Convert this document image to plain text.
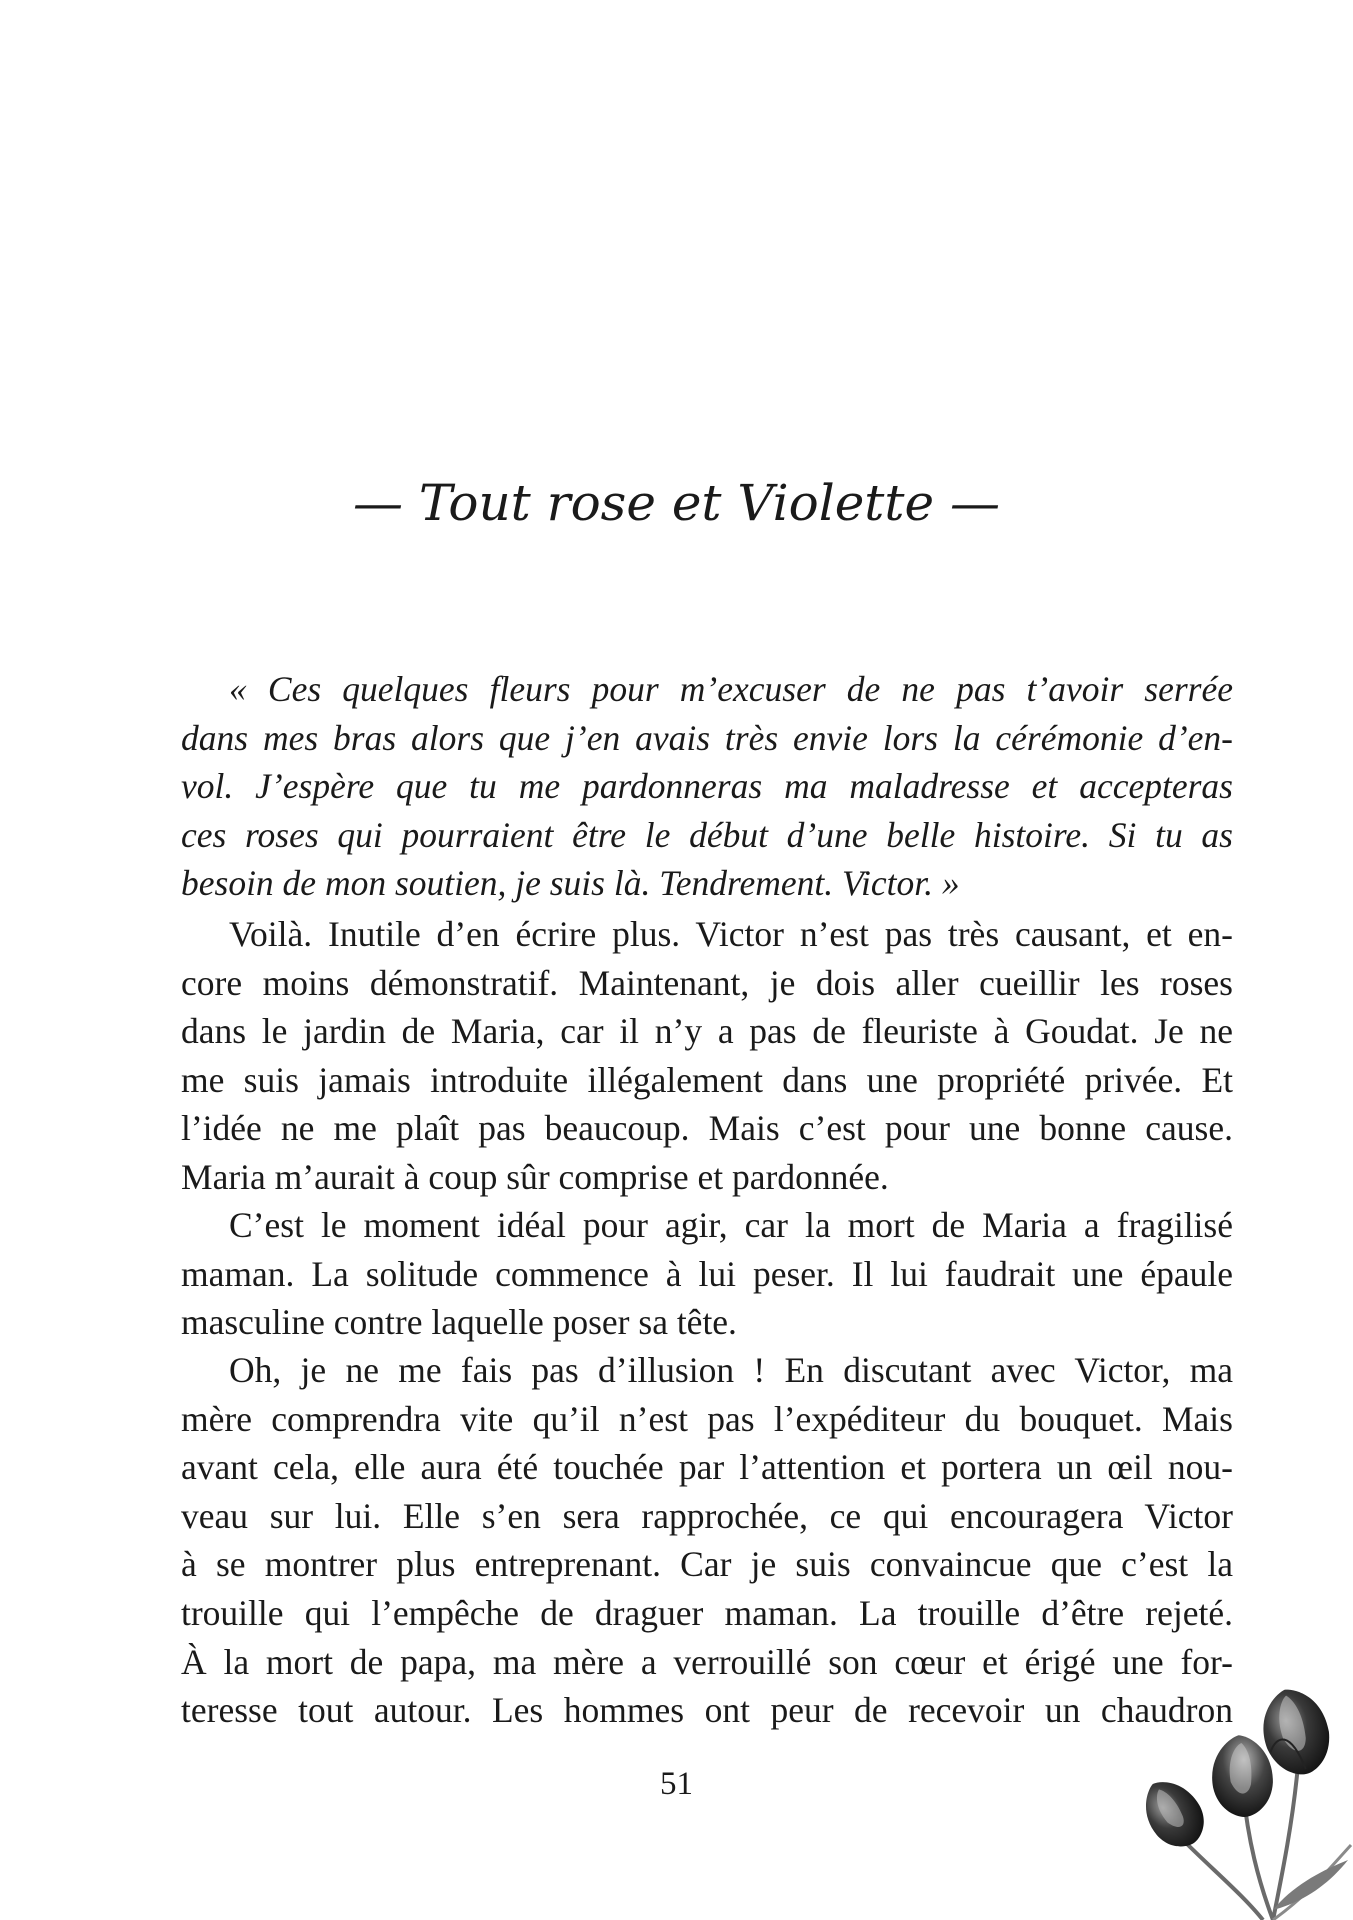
— Tout rose et Violette —
« Ces quelques fleurs pour m’excuser de ne pas t’avoir serrée
dans mes bras alors que j’en avais très envie lors la cérémonie d’en-
vol. J’espère que tu me pardonneras ma maladresse et accepteras
ces roses qui pourraient être le début d’une belle histoire. Si tu as
besoin de mon soutien, je suis là. Tendrement. Victor. »
Voilà. Inutile d’en écrire plus. Victor n’est pas très causant, et en-
core moins démonstratif. Maintenant, je dois aller cueillir les roses
dans le jardin de Maria, car il n’y a pas de fleuriste à Goudat. Je ne
me suis jamais introduite illégalement dans une propriété privée. Et
l’idée ne me plaît pas beaucoup. Mais c’est pour une bonne cause.
Maria m’aurait à coup sûr comprise et pardonnée.
C’est le moment idéal pour agir, car la mort de Maria a fragilisé
maman. La solitude commence à lui peser. Il lui faudrait une épaule
masculine contre laquelle poser sa tête.
Oh, je ne me fais pas d’illusion ! En discutant avec Victor, ma
mère comprendra vite qu’il n’est pas l’expéditeur du bouquet. Mais
avant cela, elle aura été touchée par l’attention et portera un œil nou-
veau sur lui. Elle s’en sera rapprochée, ce qui encouragera Victor
à se montrer plus entreprenant. Car je suis convaincue que c’est la
trouille qui l’empêche de draguer maman. La trouille d’être rejeté.
À la mort de papa, ma mère a verrouillé son cœur et érigé une for-
teresse tout autour. Les hommes ont peur de recevoir un chaudron
51
